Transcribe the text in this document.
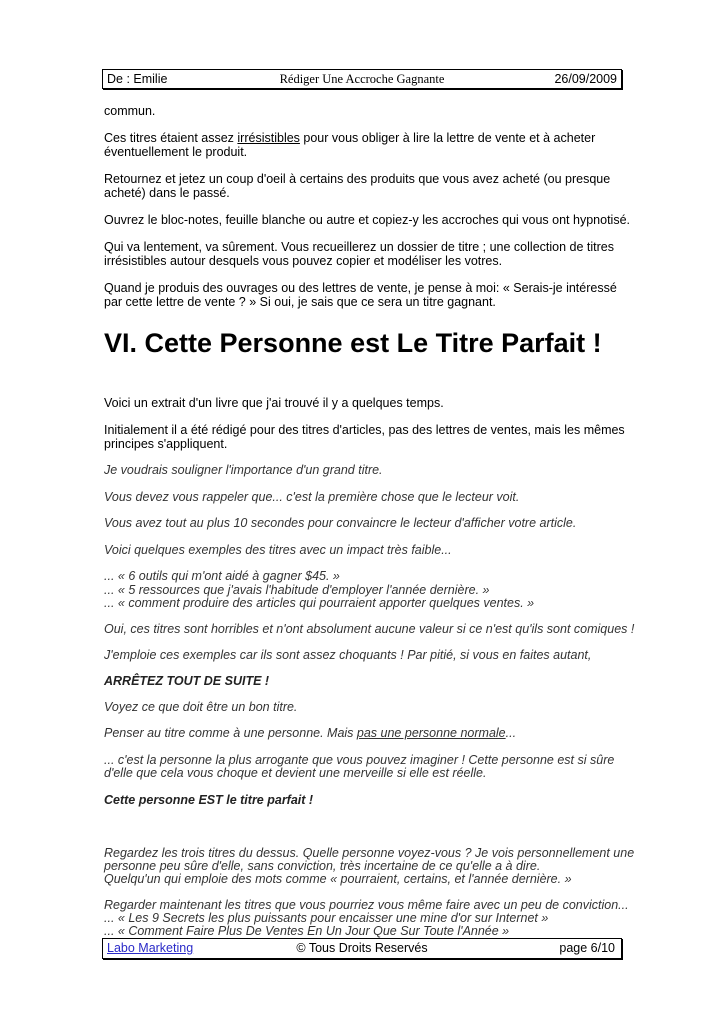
De : Emilie	Rédiger Une Accroche Gagnante	26/09/2009
commun.
Ces titres étaient assez irrésistibles pour vous obliger à lire la lettre de vente et à acheter
éventuellement le produit.
Retournez et jetez un coup d'oeil à certains des produits que vous avez acheté (ou presque
acheté) dans le passé.
Ouvrez le bloc-notes, feuille blanche ou autre et copiez-y les accroches qui vous ont hypnotisé.
Qui va lentement, va sûrement. Vous recueillerez un dossier de titre ; une collection de titres
irrésistibles autour desquels vous pouvez copier et modéliser les votres.
Quand je produis des ouvrages ou des lettres de vente, je pense à moi: « Serais-je intéressé
par cette lettre de vente ? » Si oui, je sais que ce sera un titre gagnant.
VI. Cette Personne est Le Titre Parfait !
Voici un extrait d'un livre que j'ai trouvé il y a quelques temps.
Initialement il a été rédigé pour des titres d'articles, pas des lettres de ventes, mais les mêmes
principes s'appliquent.
Je voudrais souligner l'importance d'un grand titre.
Vous devez vous rappeler que... c'est la première chose que le lecteur voit.
Vous avez tout au plus 10 secondes pour convaincre le lecteur d'afficher votre article.
Voici quelques exemples des titres avec un impact très faible...
... « 6 outils qui m'ont aidé à gagner $45. »
... « 5 ressources que j'avais l'habitude d'employer l'année dernière. »
... « comment produire des articles qui pourraient apporter quelques ventes. »
Oui, ces titres sont horribles et n'ont absolument aucune valeur si ce n'est qu'ils sont comiques !
J'emploie ces exemples car ils sont assez choquants ! Par pitié, si vous en faites autant,
ARRÊTEZ TOUT DE SUITE !
Voyez ce que doit être un bon titre.
Penser au titre comme à une personne. Mais pas une personne normale...
... c'est la personne la plus arrogante que vous pouvez imaginer ! Cette personne est si sûre
d'elle que cela vous choque et devient une merveille si elle est réelle.
Cette personne EST le titre parfait !
Regardez les trois titres du dessus. Quelle personne voyez-vous ? Je vois personnellement une
personne peu sûre d'elle, sans conviction, très incertaine de ce qu'elle a à dire.
Quelqu'un qui emploie des mots comme « pourraient, certains, et l'année dernière. »
Regarder maintenant les titres que vous pourriez vous même faire avec un peu de conviction...
... « Les 9 Secrets les plus puissants pour encaisser une mine d'or sur Internet »
... « Comment Faire Plus De Ventes En Un Jour Que Sur Toute l'Année »
Labo Marketing	© Tous Droits Reservés	page 6/10
